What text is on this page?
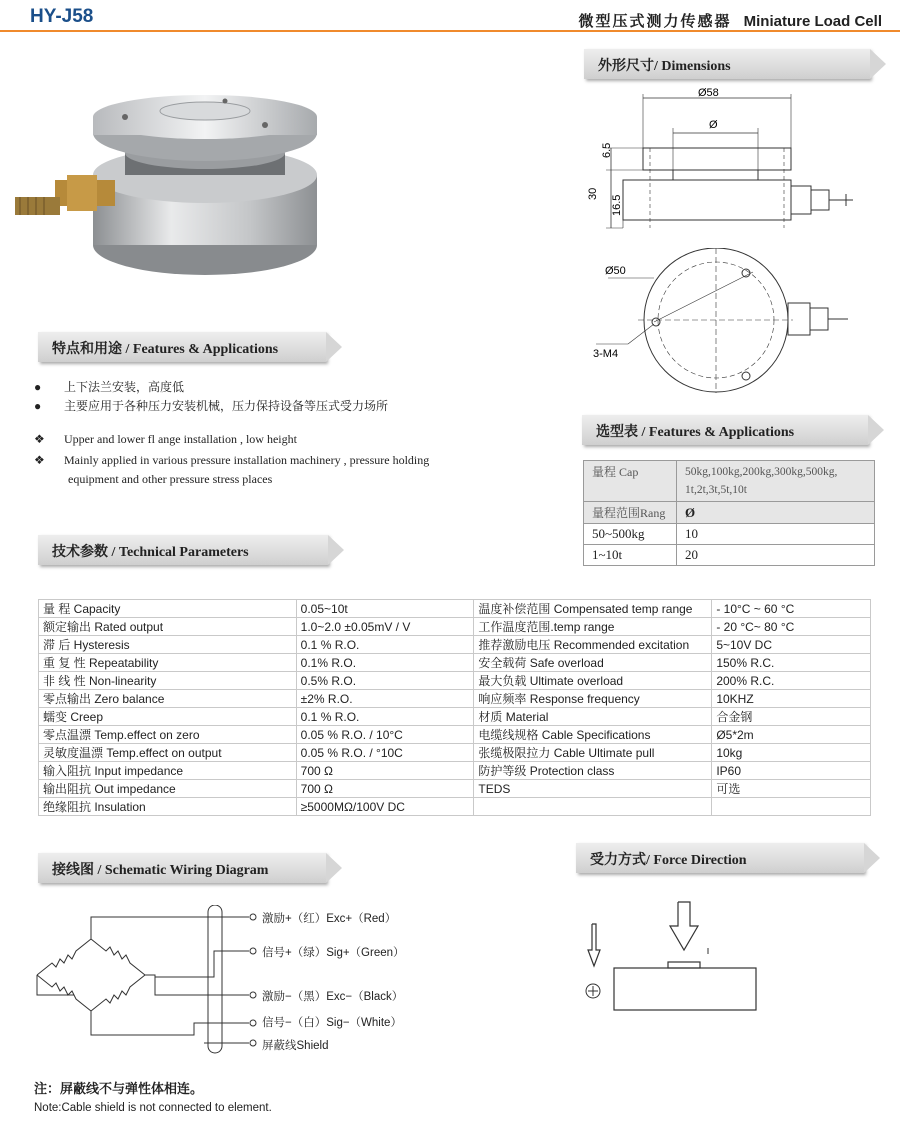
HY-J58	微型压式测力传感器 Miniature Load Cell
外形尺寸/ Dimensions
Ø58
Ø
6.5
30
16.5
Ø50
3-M4
特点和用途 / Features & Applications
● 上下法兰安装，高度低
● 主要应用于各种压力安装机械，压力保持设备等压式受力场所
❖ Upper and lower fl ange installation , low height
❖ Mainly applied in various pressure installation machinery , pressure holding
equipment and other pressure stress places
选型表 / Features & Applications
量程 Cap	50kg,100kg,200kg,300kg,500kg,
1t,2t,3t,5t,10t
量程范围Rang	Ø
50~500kg	10
1~10t	20
技术参数 / Technical Parameters
量 程 Capacity	0.05~10t	温度补偿范围 Compensated temp range	- 10°C ~ 60 °C
额定输出 Rated output	1.0~2.0 ±0.05mV / V	工作温度范围.temp range	- 20 °C~ 80 °C
滞 后 Hysteresis	0.1 % R.O.	推荐激励电压 Recommended excitation	5~10V DC
重 复 性 Repeatability	0.1% R.O.	安全载荷 Safe overload	150% R.C.
非 线 性 Non-linearity	0.5% R.O.	最大负载 Ultimate overload	200% R.C.
零点输出 Zero balance	±2% R.O.	响应频率 Response frequency	10KHZ
蠕变 Creep	0.1 % R.O.	材质 Material	合金钢
零点温漂 Temp.effect on zero	0.05 % R.O. / 10°C	电缆线规格 Cable Specifications	Ø5*2m
灵敏度温漂 Temp.effect on output	0.05 % R.O. / °10C	张缆极限拉力 Cable Ultimate pull	10kg
输入阻抗 Input impedance	700 Ω	防护等级 Protection class	IP60
输出阻抗 Out impedance	700 Ω	TEDS	可选
绝缘阻抗 Insulation	≥5000MΩ/100V DC		
接线图 / Schematic Wiring Diagram
受力方式/ Force Direction
激励+（红）Exc+（Red）
信号+（绿）Sig+（Green）
激励−（黑）Exc−（Black）
信号−（白）Sig−（White）
屏蔽线Shield
注：屏蔽线不与弹性体相连。
Note:Cable shield is not connected to element.
